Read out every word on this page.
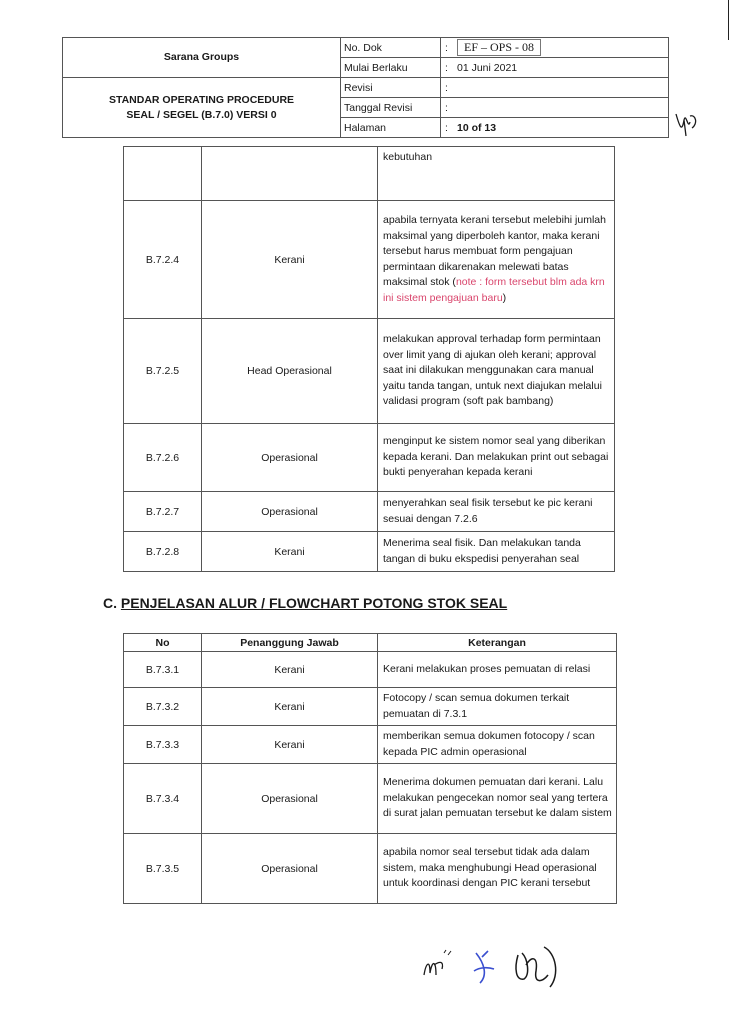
Sarana Groups	No. Dok	: EF – OPS - 08
	Mulai Berlaku	: 01 Juni 2021

STANDAR OPERATING PROCEDURE
SEAL / SEGEL (B.7.0) VERSI 0	Revisi	:
	Tanggal Revisi	:
	Halaman	: 10 of 13
		kebutuhan
B.7.2.4	Kerani	apabila ternyata kerani tersebut melebihi jumlah maksimal yang diperboleh kantor, maka kerani tersebut harus membuat form pengajuan permintaan dikarenakan melewati batas maksimal stok (note : form tersebut blm ada krn ini sistem pengajuan baru)
B.7.2.5	Head Operasional	melakukan approval terhadap form permintaan over limit yang di ajukan oleh kerani; approval saat ini dilakukan menggunakan cara manual yaitu tanda tangan, untuk next diajukan melalui validasi program (soft pak bambang)
B.7.2.6	Operasional	menginput ke sistem nomor seal yang diberikan kepada kerani. Dan melakukan print out sebagai bukti penyerahan kepada kerani
B.7.2.7	Operasional	menyerahkan seal fisik tersebut ke pic kerani sesuai dengan 7.2.6
B.7.2.8	Kerani	Menerima seal fisik. Dan melakukan tanda tangan di buku ekspedisi penyerahan seal
C. PENJELASAN ALUR / FLOWCHART POTONG STOK SEAL
No	Penanggung Jawab	Keterangan
B.7.3.1	Kerani	Kerani melakukan proses pemuatan di relasi
B.7.3.2	Kerani	Fotocopy / scan semua dokumen terkait pemuatan di 7.3.1
B.7.3.3	Kerani	memberikan semua dokumen fotocopy / scan kepada PIC admin operasional
B.7.3.4	Operasional	Menerima dokumen pemuatan dari kerani. Lalu melakukan pengecekan nomor seal yang tertera di surat jalan pemuatan tersebut ke dalam sistem
B.7.3.5	Operasional	apabila nomor seal tersebut tidak ada dalam sistem, maka menghubungi Head operasional untuk koordinasi dengan PIC kerani tersebut
